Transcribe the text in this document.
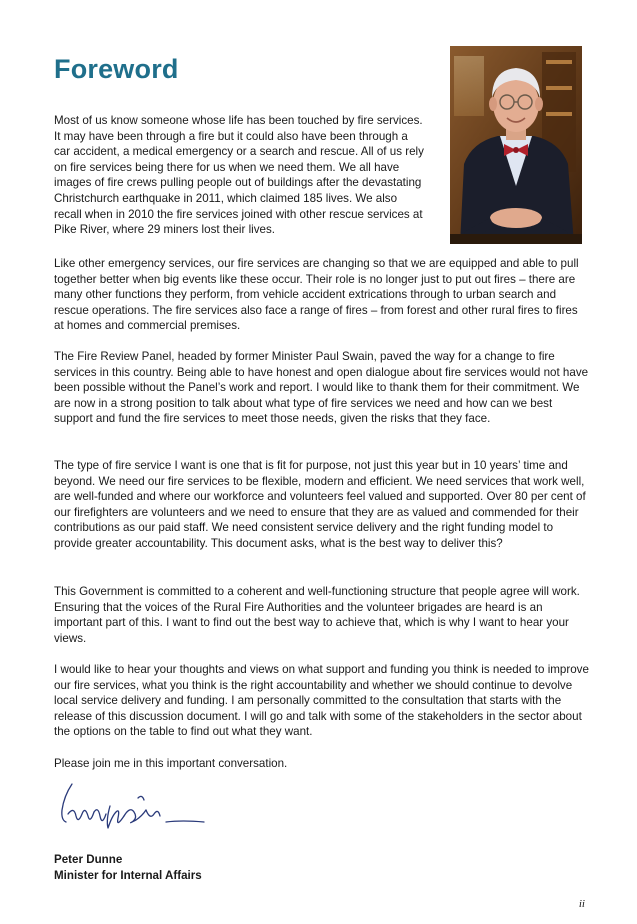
Foreword

Most of us know someone whose life has been touched by fire services. It may have been through a fire but it could also have been through a car accident, a medical emergency or a search and rescue. All of us rely on fire services being there for us when we need them. We all have images of fire crews pulling people out of buildings after the devastating Christchurch earthquake in 2011, which claimed 185 lives. We also recall when in 2010 the fire services joined with other rescue services at Pike River, where 29 miners lost their lives.

Like other emergency services, our fire services are changing so that we are equipped and able to pull together better when big events like these occur. Their role is no longer just to put out fires – there are many other functions they perform, from vehicle accident extrications through to urban search and rescue operations. The fire services also face a range of fires – from forest and other rural fires to fires at homes and commercial premises.

The Fire Review Panel, headed by former Minister Paul Swain, paved the way for a change to fire services in this country. Being able to have honest and open dialogue about fire services would not have been possible without the Panel’s work and report. I would like to thank them for their commitment. We are now in a strong position to talk about what type of fire services we need and how can we best support and fund the fire services to meet those needs, given the risks that they face.

The type of fire service I want is one that is fit for purpose, not just this year but in 10 years’ time and beyond. We need our fire services to be flexible, modern and efficient. We need services that work well, are well-funded and where our workforce and volunteers feel valued and supported. Over 80 per cent of our firefighters are volunteers and we need to ensure that they are as valued and commended for their contributions as our paid staff. We need consistent service delivery and the right funding model to provide greater accountability. This document asks, what is the best way to deliver this?

This Government is committed to a coherent and well-functioning structure that people agree will work. Ensuring that the voices of the Rural Fire Authorities and the volunteer brigades are heard is an important part of this. I want to find out the best way to achieve that, which is why I want to hear your views.

I would like to hear your thoughts and views on what support and funding you think is needed to improve our fire services, what you think is the right accountability and whether we should continue to devolve local service delivery and funding. I am personally committed to the consultation that starts with the release of this discussion document. I will go and talk with some of the stakeholders in the sector about the options on the table to find out what they want.

Please join me in this important conversation.

Peter Dunne

Minister for Internal Affairs

ii
